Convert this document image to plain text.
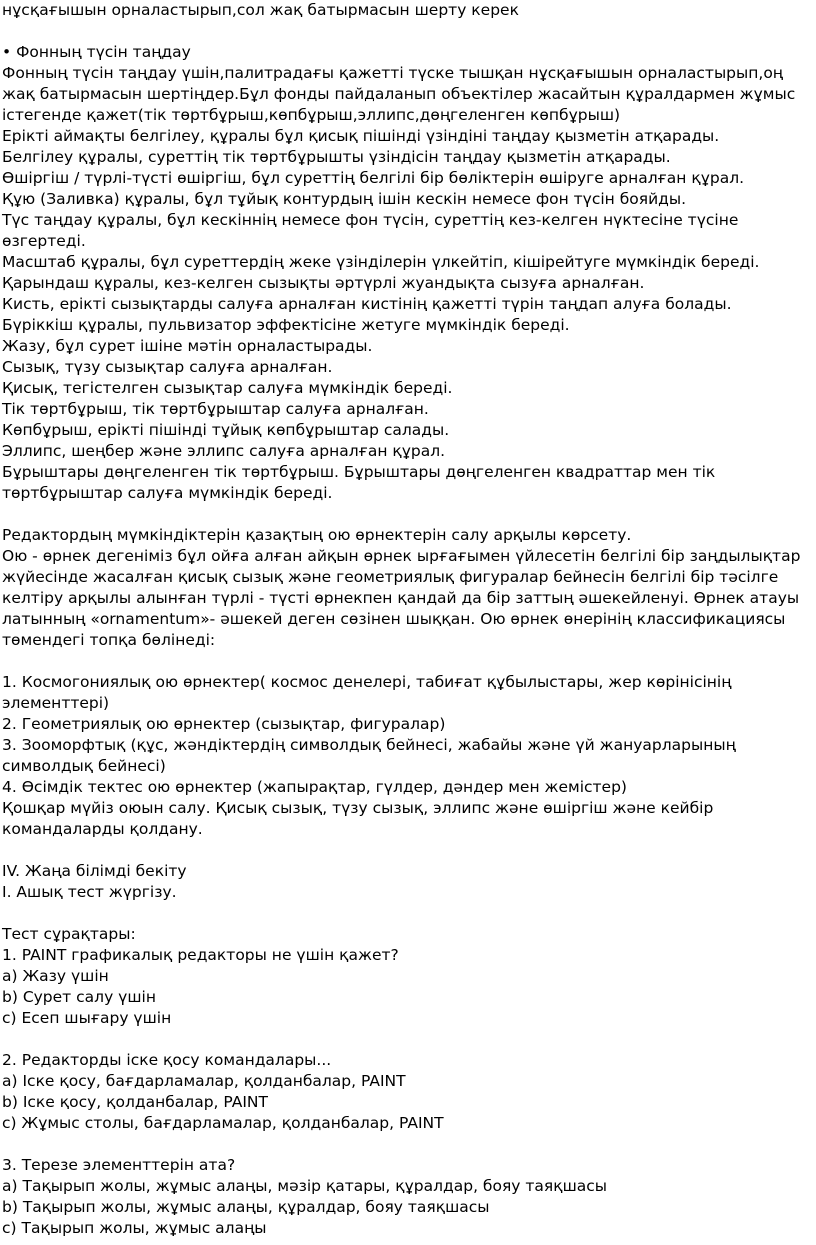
нұсқағышын орналастырып,сол жақ батырмасын шерту керек
• Фонның түсін таңдау
Фонның түсін таңдау үшін,палитрадағы қажетті түске тышқан нұсқағышын орналастырып,оң
жақ батырмасын шертіңдер.Бұл фонды пайдаланып объектілер жасайтын құралдармен жұмыс
істегенде қажет(тік төртбұрыш,көпбұрыш,эллипс,дөңгеленген көпбұрыш)
Ерікті аймақты белгілеу, құралы бұл қисық пішінді үзіндіні таңдау қызметін атқарады.
Белгілеу құралы, суреттің тік төртбұрышты үзіндісін таңдау қызметін атқарады.
Өшіргіш / түрлі-түсті өшіргіш, бұл суреттің белгілі бір бөліктерін өшіруге арналған құрал.
Құю (Заливка) құралы, бұл тұйық контурдың ішін кескін немесе фон түсін бояйды.
Түс таңдау құралы, бұл кескіннің немесе фон түсін, суреттің кез-келген нүктесіне түсіне
өзгертеді.
Масштаб құралы, бұл суреттердің жеке үзінділерін үлкейтіп, кішірейтуге мүмкіндік береді.
Қарындаш құралы, кез-келген сызықты әртүрлі жуандықта сызуға арналған.
Кисть, ерікті сызықтарды салуға арналған кистінің қажетті түрін таңдап алуға болады.
Бүріккіш құралы, пульвизатор эффектісіне жетуге мүмкіндік береді.
Жазу, бұл сурет ішіне мәтін орналастырады.
Сызық, түзу сызықтар салуға арналған.
Қисық, тегістелген сызықтар салуға мүмкіндік береді.
Тік төртбұрыш, тік төртбұрыштар салуға арналған.
Көпбұрыш, ерікті пішінді тұйық көпбұрыштар салады.
Эллипс, шеңбер және эллипс салуға арналған құрал.
Бұрыштары дөңгеленген тік төртбұрыш. Бұрыштары дөңгеленген квадраттар мен тік
төртбұрыштар салуға мүмкіндік береді.
Редактордың мүмкіндіктерін қазақтың ою өрнектерін салу арқылы көрсету.
Ою - өрнек дегеніміз бұл ойға алған айқын өрнек ырғағымен үйлесетін белгілі бір заңдылықтар
жүйесінде жасалған қисық сызық және геометриялық фигуралар бейнесін белгілі бір тәсілге
келтіру арқылы алынған түрлі - түсті өрнекпен қандай да бір заттың әшекейленуі. Өрнек атауы
латынның «ornamentum»- әшекей деген сөзінен шыққан. Ою өрнек өнерінің классификациясы
төмендегі топқа бөлінеді:
1. Космогониялық ою өрнектер( космос денелері, табиғат құбылыстары, жер көрінісінің
элементтері)
2. Геометриялық ою өрнектер (сызықтар, фигуралар)
3. Зооморфтық (құс, жәндіктердің символдық бейнесі, жабайы және үй жануарларының
символдық бейнесі)
4. Өсімдік тектес ою өрнектер (жапырақтар, гүлдер, дәндер мен жемістер)
Қошқар мүйіз оюын салу. Қисық сызық, түзу сызық, эллипс және өшіргіш және кейбір
командаларды қолдану.
IV. Жаңа білімді бекіту
I. Ашық тест жүргізу.
Тест сұрақтары:
1. PAINT графикалық редакторы не үшін қажет?
a) Жазу үшін
b) Сурет салу үшін
c) Есеп шығару үшін
2. Редакторды іске қосу командалары...
а) Іске қосу, бағдарламалар, қолданбалар, PAINT
b) Іске қосу, қолданбалар, PAINT
c) Жұмыс столы, бағдарламалар, қолданбалар, PAINT
3. Терезе элементтерін ата?
a) Тақырып жолы, жұмыс алаңы, мәзір қатары, құралдар, бояу таяқшасы
b) Тақырып жолы, жұмыс алаңы, құралдар, бояу таяқшасы
c) Тақырып жолы, жұмыс алаңы
